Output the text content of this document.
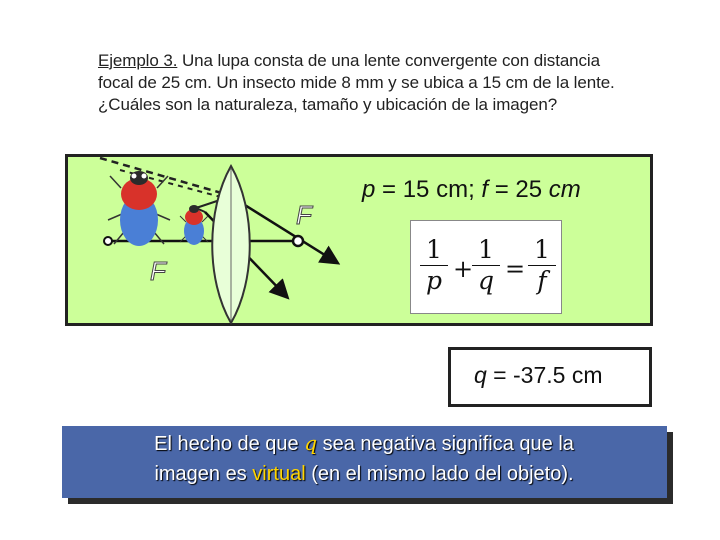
Ejemplo 3. Una lupa consta de una lente convergente con distancia
focal de 25 cm. Un insecto mide 8 mm y se ubica a 15 cm de la lente.
¿Cuáles son la naturaleza, tamaño y ubicación de la imagen?
F
F
p = 15 cm; f = 25 cm
1
p +
1
q =
1
f
q = -37.5 cm
El hecho de que q sea negativa significa que la
imagen es virtual (en el mismo lado del objeto).
